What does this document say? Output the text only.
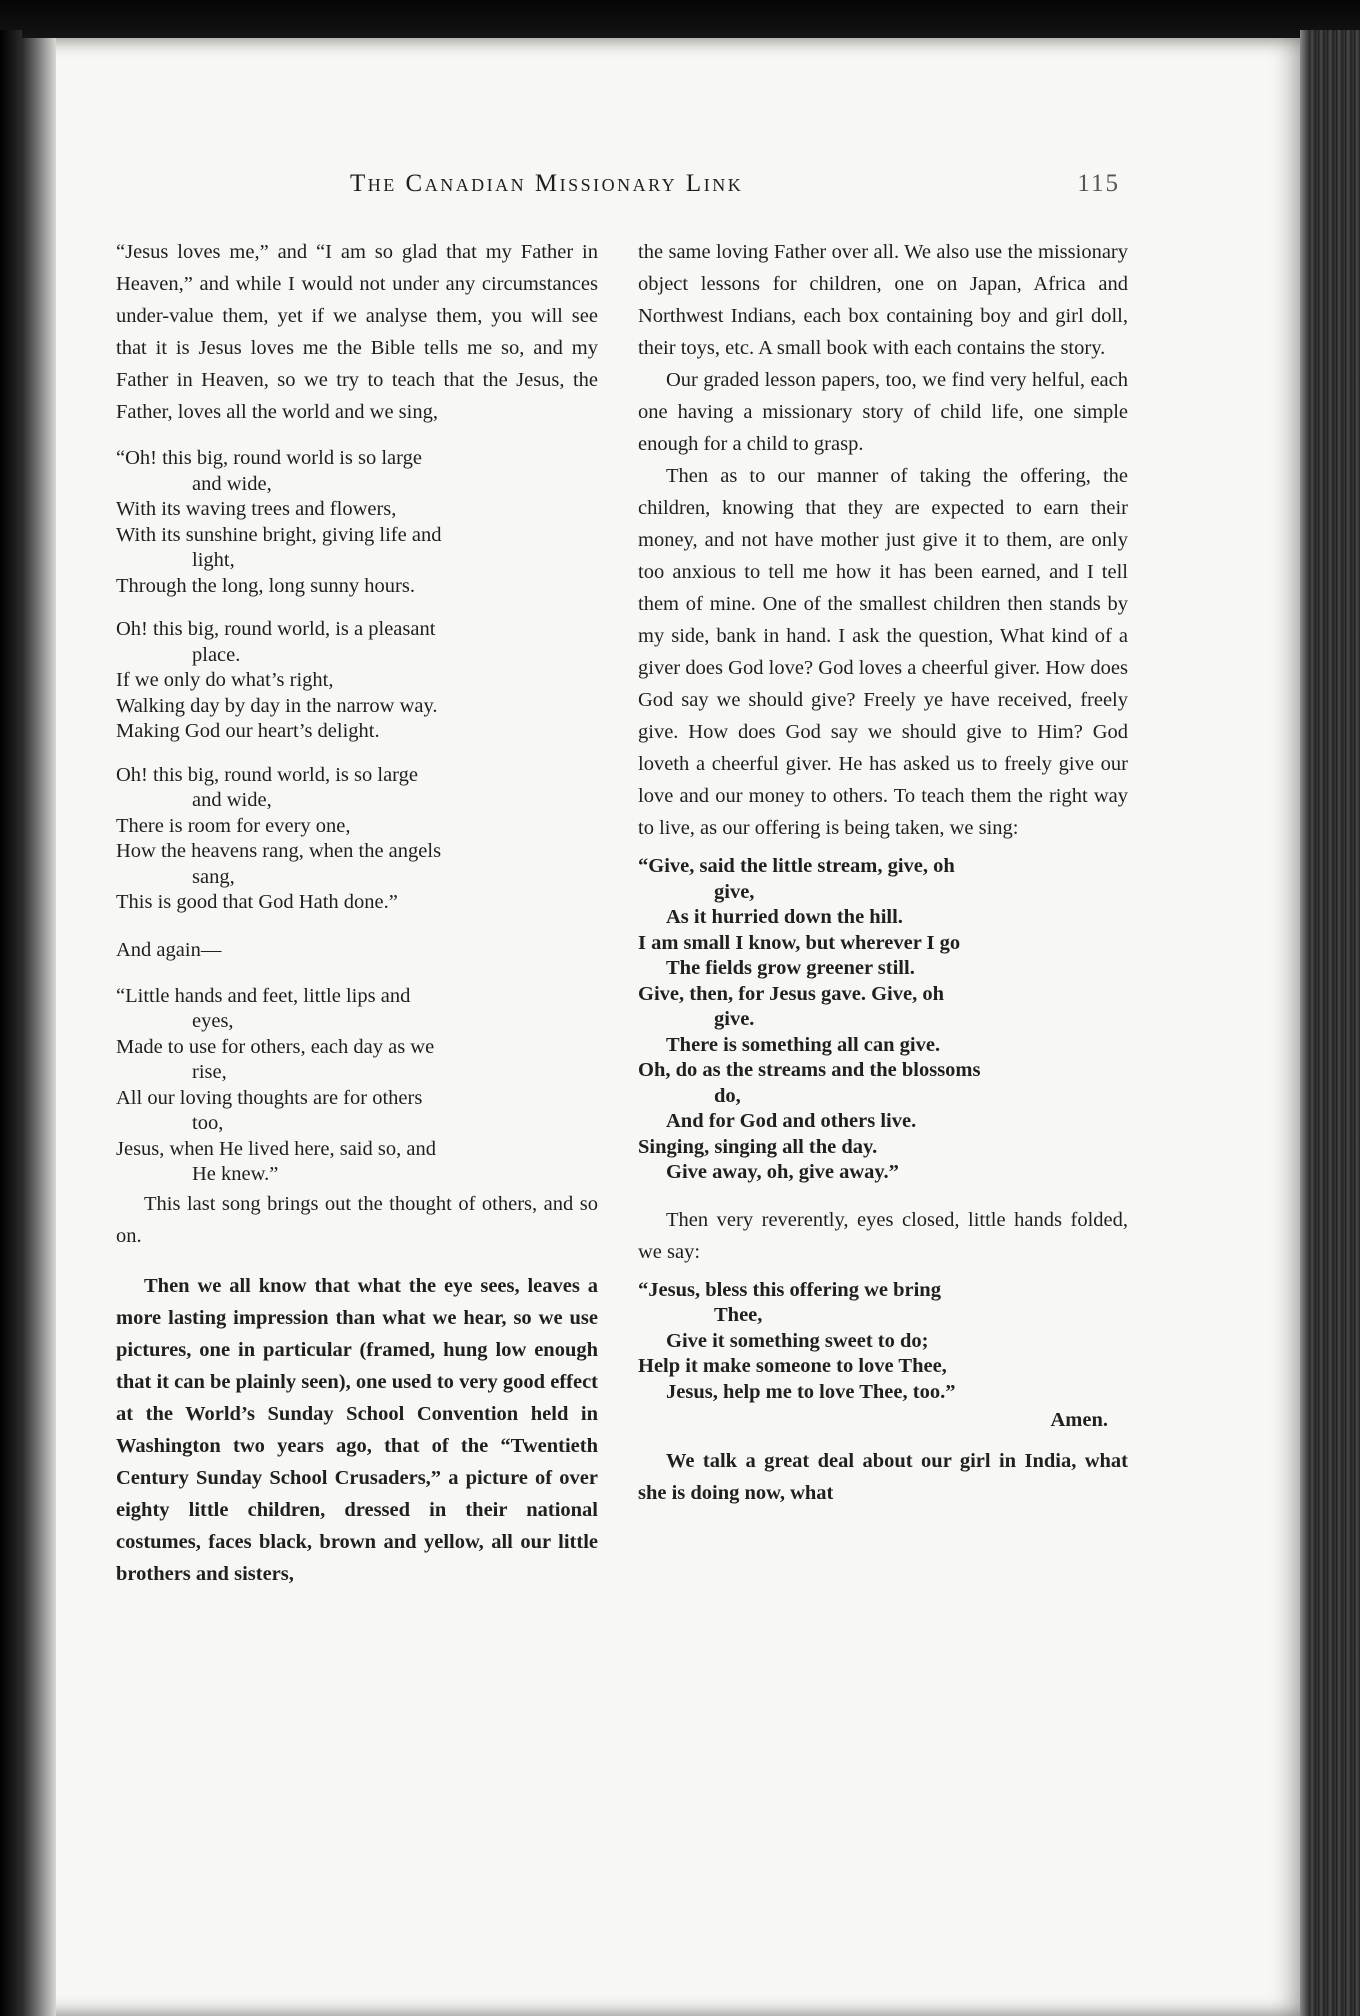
The Canadian Missionary Link	115

“Jesus loves me,” and “I am so glad that my Father in Heaven,” and while I would not under any circumstances under-value them, yet if we analyse them, you will see that it is Jesus loves me the Bible tells me so, and my Father in Heaven, so we try to teach that the Jesus, the Father, loves all the world and we sing,

“Oh! this big, round world is so large
and wide,
With its waving trees and flowers,
With its sunshine bright, giving life and
light,
Through the long, long sunny hours.
Oh! this big, round world, is a pleasant
place.
If we only do what’s right,
Walking day by day in the narrow way.
Making God our heart’s delight.
Oh! this big, round world, is so large
and wide,
There is room for every one,
How the heavens rang, when the angels
sang,
This is good that God Hath done.”

And again—

“Little hands and feet, little lips and
eyes,
Made to use for others, each day as we
rise,
All our loving thoughts are for others
too,
Jesus, when He lived here, said so, and
He knew.”

This last song brings out the thought of others, and so on.

Then we all know that what the eye sees, leaves a more lasting impression than what we hear, so we use pictures, one in particular (framed, hung low enough that it can be plainly seen), one used to very good effect at the World’s Sunday School Convention held in Washington two years ago, that of the “Twentieth Century Sunday School Crusaders,” a picture of over eighty little children, dressed in their national costumes, faces black, brown and yellow, all our little brothers and sisters,

the same loving Father over all. We also use the missionary object lessons for children, one on Japan, Africa and Northwest Indians, each box containing boy and girl doll, their toys, etc. A small book with each contains the story.

Our graded lesson papers, too, we find very helful, each one having a missionary story of child life, one simple enough for a child to grasp.

Then as to our manner of taking the offering, the children, knowing that they are expected to earn their money, and not have mother just give it to them, are only too anxious to tell me how it has been earned, and I tell them of mine. One of the smallest children then stands by my side, bank in hand. I ask the question, What kind of a giver does God love? God loves a cheerful giver. How does God say we should give? Freely ye have received, freely give. How does God say we should give to Him? God loveth a cheerful giver. He has asked us to freely give our love and our money to others. To teach them the right way to live, as our offering is being taken, we sing:

“Give, said the little stream, give, oh
give,
As it hurried down the hill.
I am small I know, but wherever I go
The fields grow greener still.
Give, then, for Jesus gave. Give, oh
give.
There is something all can give.
Oh, do as the streams and the blossoms
do,
And for God and others live.
Singing, singing all the day.
Give away, oh, give away.”

Then very reverently, eyes closed, little hands folded, we say:

“Jesus, bless this offering we bring
Thee,
Give it something sweet to do;
Help it make someone to love Thee,
Jesus, help me to love Thee, too.”
Amen.

We talk a great deal about our girl in India, what she is doing now, what
